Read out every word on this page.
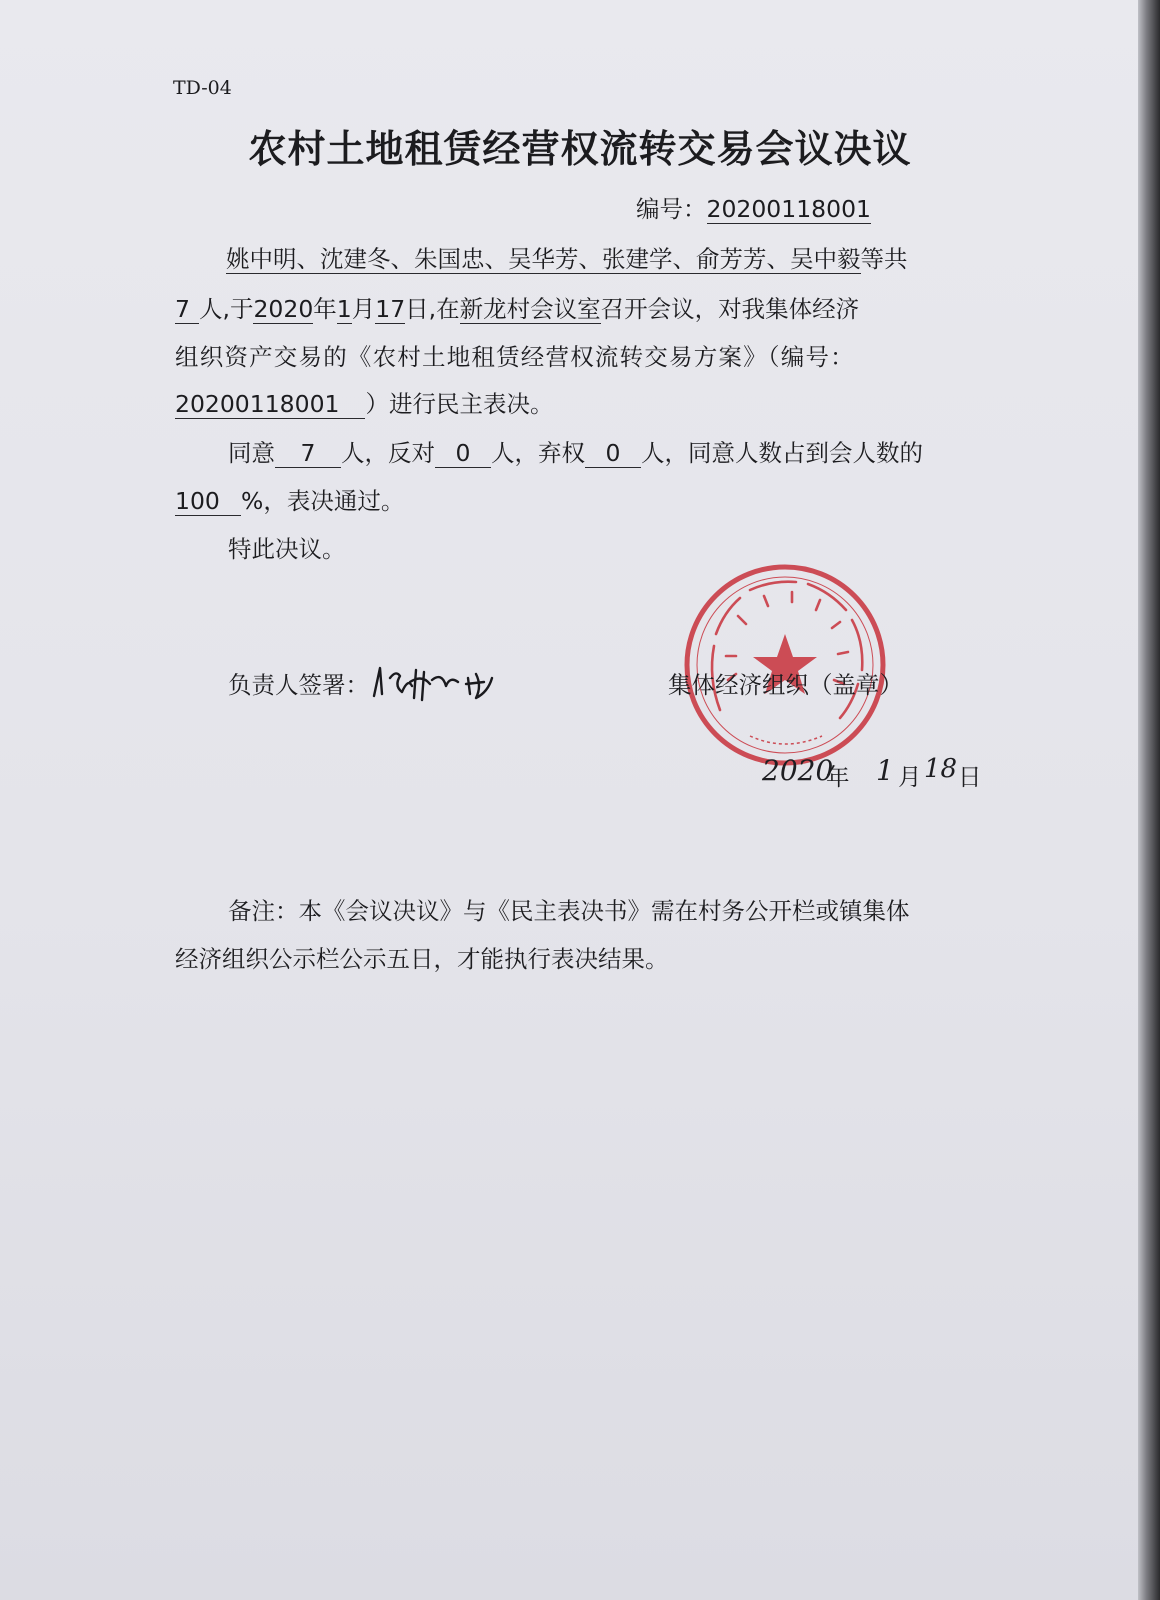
TD-04
农村土地租赁经营权流转交易会议决议
编号：20200118001
姚中明、沈建冬、朱国忠、吴华芳、张建学、俞芳芳、吴中毅等共
7 人,于2020年1月17日,在新龙村会议室召开会议，对我集体经济
组织资产交易的《农村土地租赁经营权流转交易方案》（编号：
20200118001 ）进行民主表决。
同意 7 人，反对 0 人，弃权 0 人，同意人数占到会人数的
100 %，表决通过。
特此决议。
负责人签署：	集体经济组织（盖章）
2020
年 1 月 18 日
备注：本《会议决议》与《民主表决书》需在村务公开栏或镇集体
经济组织公示栏公示五日，才能执行表决结果。
